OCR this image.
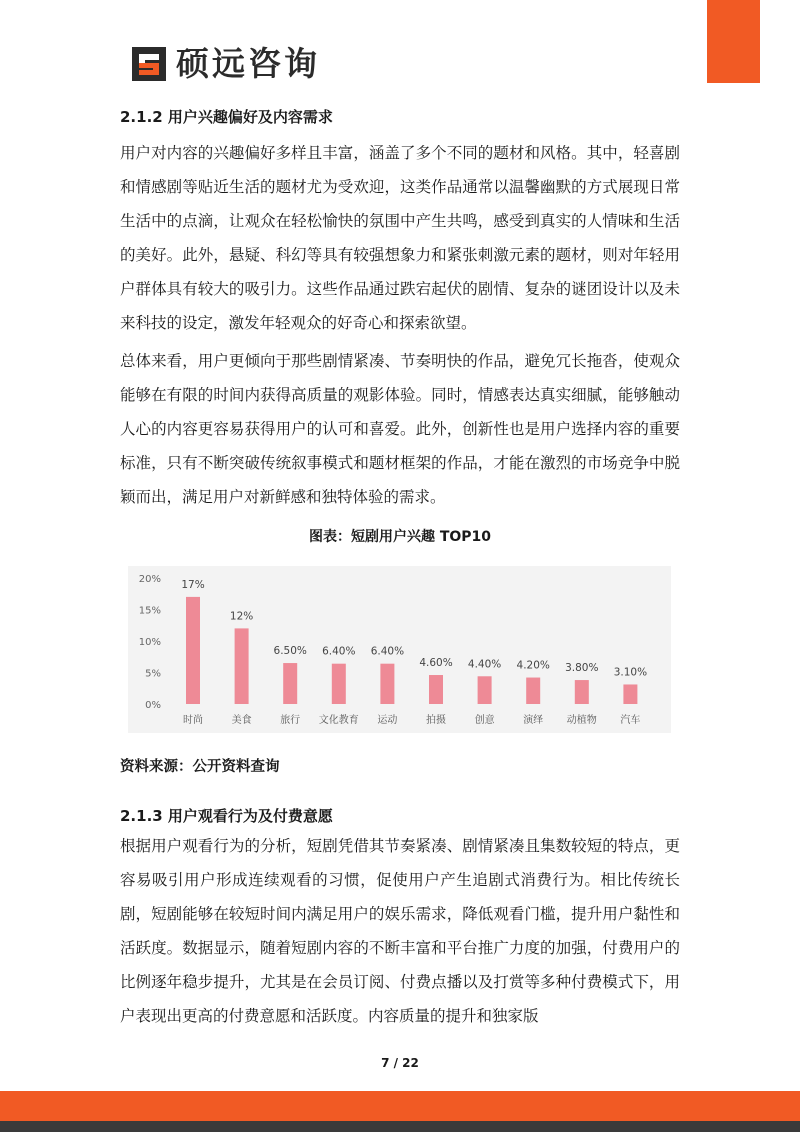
硕远咨询
2.1.2 用户兴趣偏好及内容需求

用户对内容的兴趣偏好多样且丰富，涵盖了多个不同的题材和风格。其中，轻喜剧和情感剧等贴近生活的题材尤为受欢迎，这类作品通常以温馨幽默的方式展现日常生活中的点滴，让观众在轻松愉快的氛围中产生共鸣，感受到真实的人情味和生活的美好。此外，悬疑、科幻等具有较强想象力和紧张刺激元素的题材，则对年轻用户群体具有较大的吸引力。这些作品通过跌宕起伏的剧情、复杂的谜团设计以及未来科技的设定，激发年轻观众的好奇心和探索欲望。

总体来看，用户更倾向于那些剧情紧凑、节奏明快的作品，避免冗长拖沓，使观众能够在有限的时间内获得高质量的观影体验。同时，情感表达真实细腻，能够触动人心的内容更容易获得用户的认可和喜爱。此外，创新性也是用户选择内容的重要标准，只有不断突破传统叙事模式和题材框架的作品，才能在激烈的市场竞争中脱颖而出，满足用户对新鲜感和独特体验的需求。

图表：短剧用户兴趣 TOP10
20%
15%
10%
5%
0%
17%
时尚
12%
美食
6.50%
旅行
6.40%
文化教育
6.40%
运动
4.60%
拍摄
4.40%
创意
4.20%
演绎
3.80%
动植物
3.10%
汽车
资料来源：公开资料查询
2.1.3 用户观看行为及付费意愿

根据用户观看行为的分析，短剧凭借其节奏紧凑、剧情紧凑且集数较短的特点，更容易吸引用户形成连续观看的习惯，促使用户产生追剧式消费行为。相比传统长剧，短剧能够在较短时间内满足用户的娱乐需求，降低观看门槛，提升用户黏性和活跃度。数据显示，随着短剧内容的不断丰富和平台推广力度的加强，付费用户的比例逐年稳步提升，尤其是在会员订阅、付费点播以及打赏等多种付费模式下，用户表现出更高的付费意愿和活跃度。内容质量的提升和独家版

7 / 22
